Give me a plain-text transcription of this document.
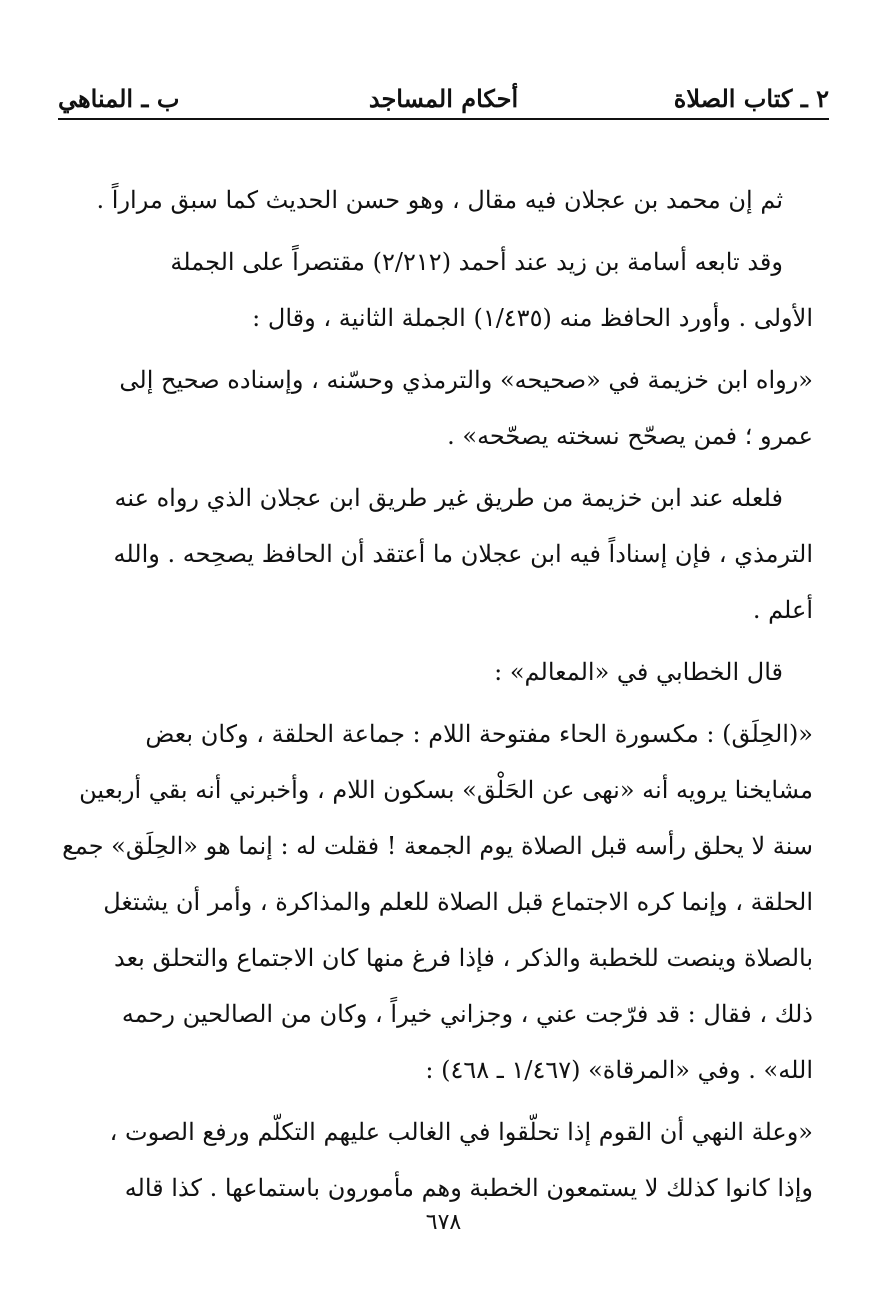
٢ ـ كتاب الصلاة
أحكام المساجد
ب ـ المناهي

ثم إن محمد بن عجلان فيه مقال ، وهو حسن الحديث كما سبق مراراً .

وقد تابعه أسامة بن زيد عند أحمد (٢/٢١٢) مقتصراً على الجملة
الأولى . وأورد الحافظ منه (١/٤٣٥) الجملة الثانية ، وقال :

«رواه ابن خزيمة في «صحيحه» والترمذي وحسّنه ، وإسناده صحيح إلى
عمرو ؛ فمن يصحّح نسخته يصحّحه» .

فلعله عند ابن خزيمة من طريق غير طريق ابن عجلان الذي رواه عنه
الترمذي ، فإن إسناداً فيه ابن عجلان ما أعتقد أن الحافظ يصحِحه . والله
أعلم .

قال الخطابي في «المعالم» :

«(الحِلَق) : مكسورة الحاء مفتوحة اللام : جماعة الحلقة ، وكان بعض
مشايخنا يرويه أنه «نهى عن الحَلْق» بسكون اللام ، وأخبرني أنه بقي أربعين
سنة لا يحلق رأسه قبل الصلاة يوم الجمعة ! فقلت له : إنما هو «الحِلَق» جمع
الحلقة ، وإنما كره الاجتماع قبل الصلاة للعلم والمذاكرة ، وأمر أن يشتغل
بالصلاة وينصت للخطبة والذكر ، فإذا فرغ منها كان الاجتماع والتحلق بعد
ذلك ، فقال : قد فرّجت عني ، وجزاني خيراً ، وكان من الصالحين رحمه
الله» . وفي «المرقاة» (١/٤٦٧ ـ ٤٦٨) :

«وعلة النهي أن القوم إذا تحلّقوا في الغالب عليهم التكلّم ورفع الصوت ،
وإذا كانوا كذلك لا يستمعون الخطبة وهم مأمورون باستماعها . كذا قاله

٦٧٨
